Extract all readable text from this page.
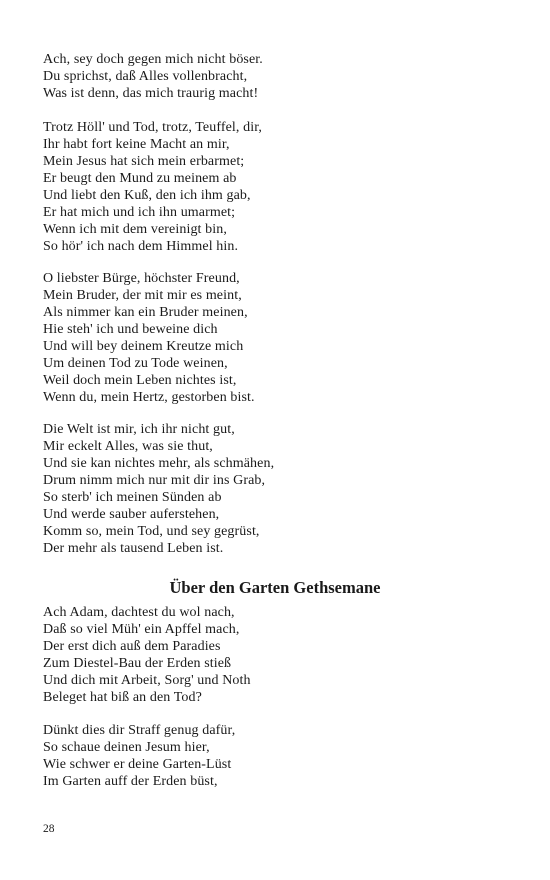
Ach, sey doch gegen mich nicht böser.
Du sprichst, daß Alles vollenbracht,
Was ist denn, das mich traurig macht!
Trotz Höll' und Tod, trotz, Teuffel, dir,
Ihr habt fort keine Macht an mir,
Mein Jesus hat sich mein erbarmet;
Er beugt den Mund zu meinem ab
Und liebt den Kuß, den ich ihm gab,
Er hat mich und ich ihn umarmet;
Wenn ich mit dem vereinigt bin,
So hör' ich nach dem Himmel hin.
O liebster Bürge, höchster Freund,
Mein Bruder, der mit mir es meint,
Als nimmer kan ein Bruder meinen,
Hie steh' ich und beweine dich
Und will bey deinem Kreutze mich
Um deinen Tod zu Tode weinen,
Weil doch mein Leben nichtes ist,
Wenn du, mein Hertz, gestorben bist.
Die Welt ist mir, ich ihr nicht gut,
Mir eckelt Alles, was sie thut,
Und sie kan nichtes mehr, als schmähen,
Drum nimm mich nur mit dir ins Grab,
So sterb' ich meinen Sünden ab
Und werde sauber auferstehen,
Komm so, mein Tod, und sey gegrüst,
Der mehr als tausend Leben ist.
Über den Garten Gethsemane
Ach Adam, dachtest du wol nach,
Daß so viel Müh' ein Apffel mach,
Der erst dich auß dem Paradies
Zum Diestel-Bau der Erden stieß
Und dich mit Arbeit, Sorg' und Noth
Beleget hat biß an den Tod?
Dünkt dies dir Straff genug dafür,
So schaue deinen Jesum hier,
Wie schwer er deine Garten-Lüst
Im Garten auff der Erden büst,
28
